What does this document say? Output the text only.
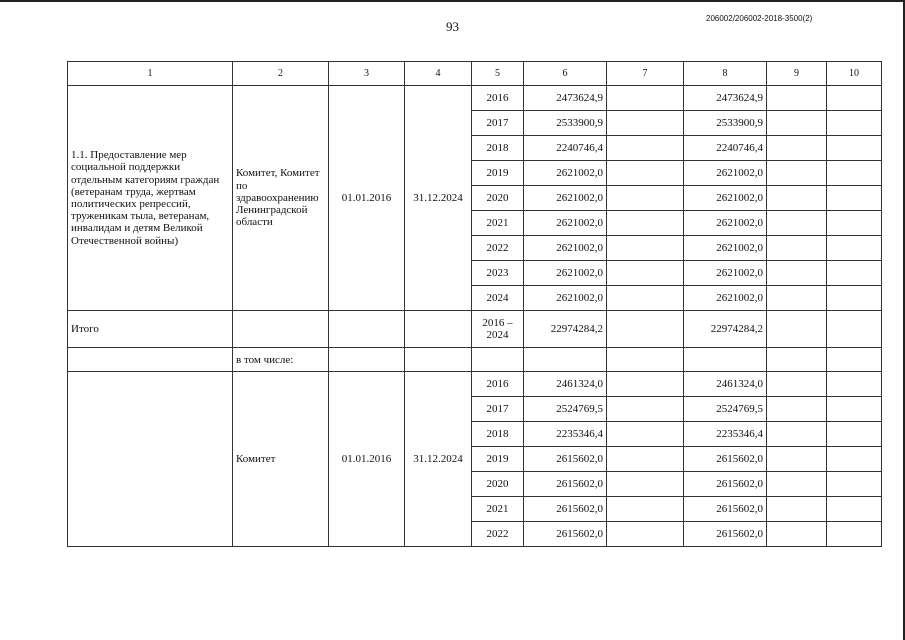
93
206002/206002-2018-3500(2)
1	2	3	4	5	6	7	8	9	10
1.1. Предоставление мер социальной поддержки отдельным категориям граждан (ветеранам труда, жертвам политических репрессий, труженикам тыла, ветеранам, инвалидам и детям Великой Отечественной войны)	Комитет, Комитет по здравоохранению Ленинградской области	01.01.2016	31.12.2024	2016	2473624,9		2473624,9		
				2017	2533900,9		2533900,9		
				2018	2240746,4		2240746,4		
				2019	2621002,0		2621002,0		
				2020	2621002,0		2621002,0		
				2021	2621002,0		2621002,0		
				2022	2621002,0		2621002,0		
				2023	2621002,0		2621002,0		
				2024	2621002,0		2621002,0		
Итого				2016 – 2024	22974284,2		22974284,2		
	в том числе:								
	Комитет	01.01.2016	31.12.2024	2016	2461324,0		2461324,0		
				2017	2524769,5		2524769,5		
				2018	2235346,4		2235346,4		
				2019	2615602,0		2615602,0		
				2020	2615602,0		2615602,0		
				2021	2615602,0		2615602,0		
				2022	2615602,0		2615602,0		
